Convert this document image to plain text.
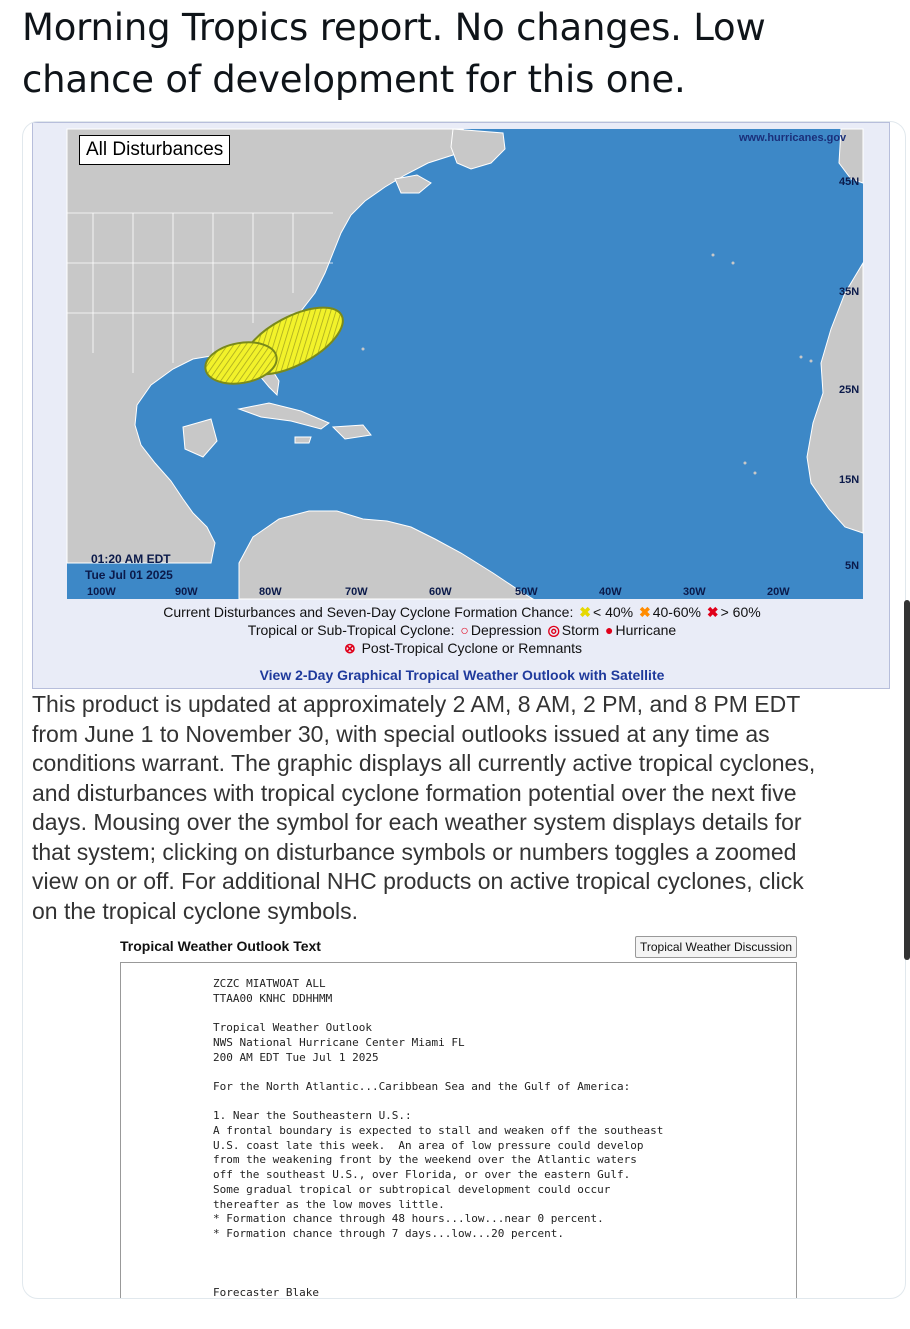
Morning Tropics report. No changes. Low
chance of development for this one.
www.hurricanes.gov
45N
35N
25N
15N
5N
100W	90W	80W	70W	60W	50W	40W	30W	20W
01:20 AM EDT
Tue Jul 01 2025
All Disturbances
Current Disturbances and Seven-Day Cyclone Formation Chance: ✖ < 40% ✖ 40-60% ✖ > 60%
Tropical or Sub-Tropical Cyclone: ○ Depression ◎ Storm ● Hurricane
⊗ Post-Tropical Cyclone or Remnants
View 2-Day Graphical Tropical Weather Outlook with Satellite
This product is updated at approximately 2 AM, 8 AM, 2 PM, and 8 PM EDT
from June 1 to November 30, with special outlooks issued at any time as
conditions warrant. The graphic displays all currently active tropical cyclones,
and disturbances with tropical cyclone formation potential over the next five
days. Mousing over the symbol for each weather system displays details for
that system; clicking on disturbance symbols or numbers toggles a zoomed
view on or off. For additional NHC products on active tropical cyclones, click
on the tropical cyclone symbols.
Tropical Weather Outlook Text	Tropical Weather Discussion
ZCZC MIATWOAT ALL
TTAA00 KNHC DDHHMM

Tropical Weather Outlook
NWS National Hurricane Center Miami FL
200 AM EDT Tue Jul 1 2025

For the North Atlantic...Caribbean Sea and the Gulf of America:

1. Near the Southeastern U.S.:
A frontal boundary is expected to stall and weaken off the southeast
U.S. coast late this week.  An area of low pressure could develop
from the weakening front by the weekend over the Atlantic waters
off the southeast U.S., over Florida, or over the eastern Gulf.
Some gradual tropical or subtropical development could occur
thereafter as the low moves little.
* Formation chance through 48 hours...low...near 0 percent.
* Formation chance through 7 days...low...20 percent.

Forecaster Blake
